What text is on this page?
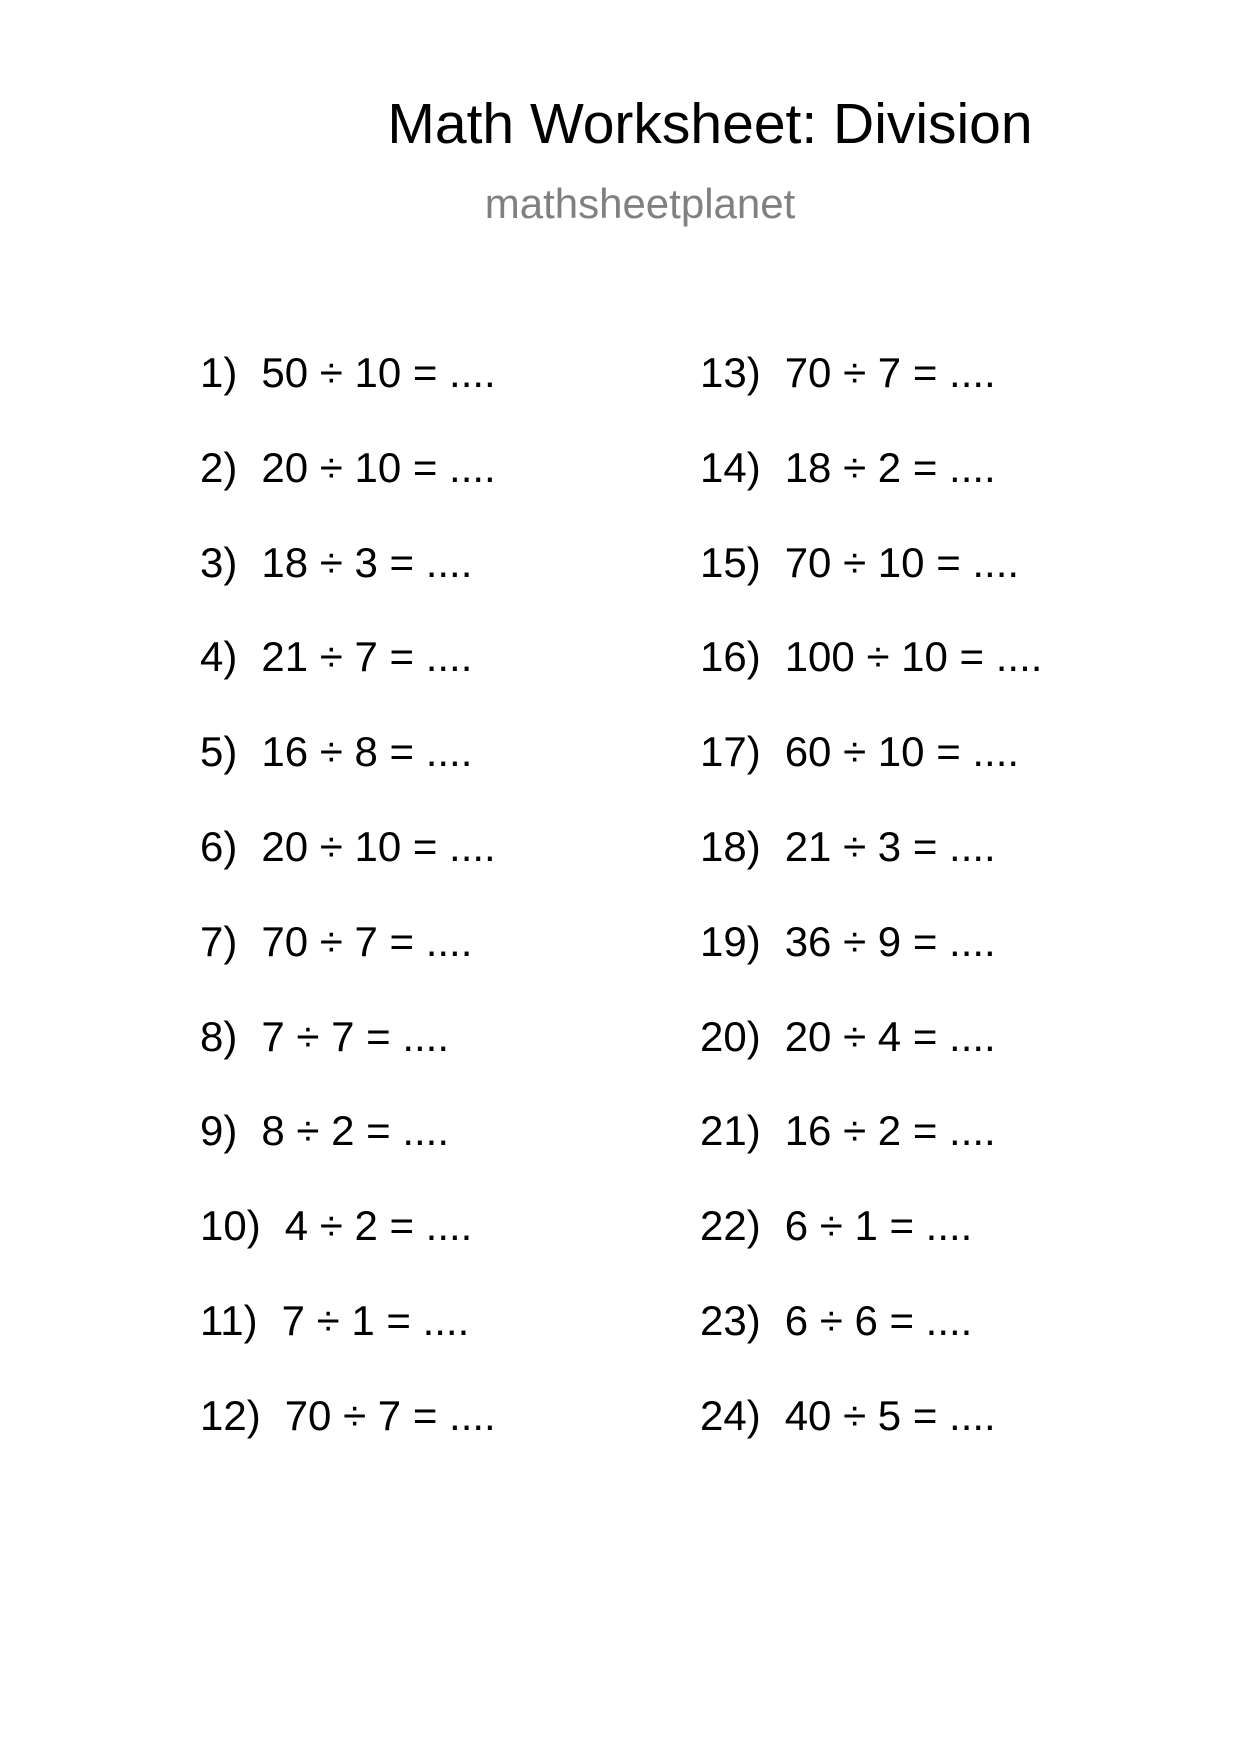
Math Worksheet: Division
mathsheetplanet
1) 50 ÷ 10 = ....
2) 20 ÷ 10 = ....
3) 18 ÷ 3 = ....
4) 21 ÷ 7 = ....
5) 16 ÷ 8 = ....
6) 20 ÷ 10 = ....
7) 70 ÷ 7 = ....
8) 7 ÷ 7 = ....
9) 8 ÷ 2 = ....
10) 4 ÷ 2 = ....
11) 7 ÷ 1 = ....
12) 70 ÷ 7 = ....
13) 70 ÷ 7 = ....
14) 18 ÷ 2 = ....
15) 70 ÷ 10 = ....
16) 100 ÷ 10 = ....
17) 60 ÷ 10 = ....
18) 21 ÷ 3 = ....
19) 36 ÷ 9 = ....
20) 20 ÷ 4 = ....
21) 16 ÷ 2 = ....
22) 6 ÷ 1 = ....
23) 6 ÷ 6 = ....
24) 40 ÷ 5 = ....
